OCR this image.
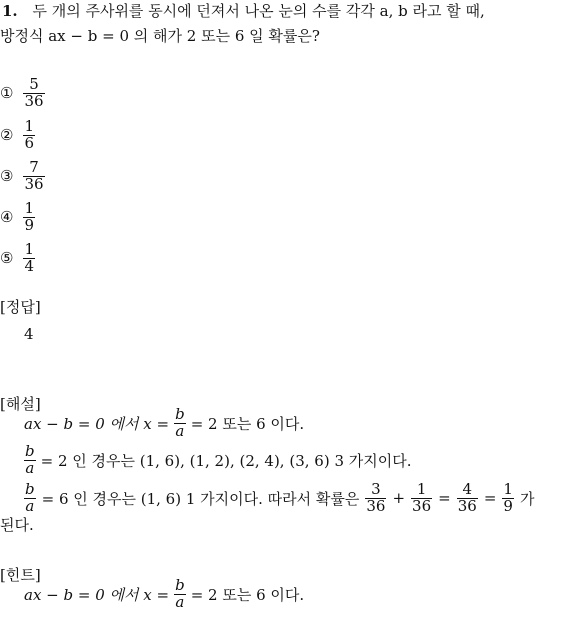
1. 두 개의 주사위를 동시에 던져서 나온 눈의 수를 각각 a, b 라고 할 때,
방정식 ax − b = 0 의 해가 2 또는 6 일 확률은?
① $\frac{5}{36}$
② $\frac{1}{6}$
③ $\frac{7}{36}$
④ $\frac{1}{9}$
⑤ $\frac{1}{4}$
[정답]
4
[해설]
ax − b = 0 에서 $x = \frac{b}{a} = 2$ 또는 6 이다.
$\frac{b}{a} = 2$ 인 경우는 (1, 6), (1, 2), (2, 4), (3, 6) 3 가지이다.
$\frac{b}{a} = 6$ 인 경우는 (1, 6) 1 가지이다. 따라서 확률은 $\frac{3}{36} + \frac{1}{36} = \frac{4}{36} = \frac{1}{9}$ 가
된다.
[힌트]
ax − b = 0 에서 $x = \frac{b}{a} = 2$ 또는 6 이다.
